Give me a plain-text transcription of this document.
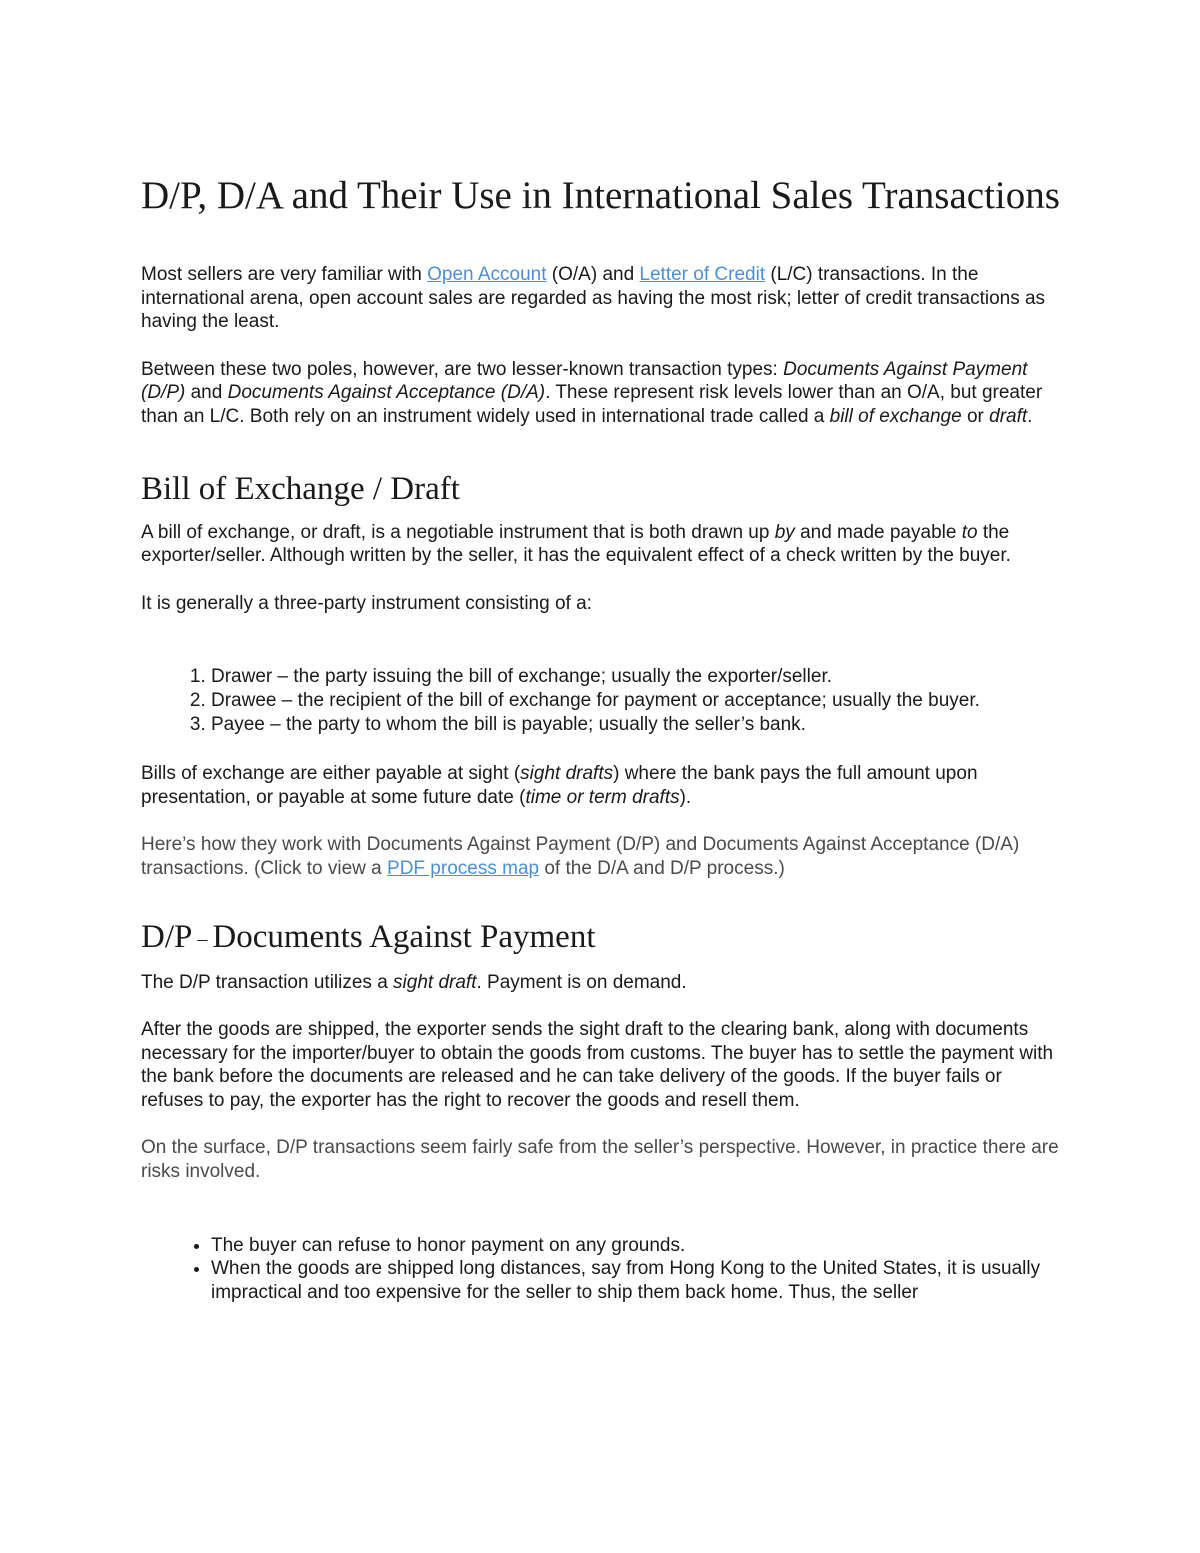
D/P, D/A and Their Use in International Sales Transactions

Most sellers are very familiar with Open Account (O/A) and Letter of Credit (L/C) transactions. In the international arena, open account sales are regarded as having the most risk; letter of credit transactions as having the least.

Between these two poles, however, are two lesser-known transaction types: Documents Against Payment (D/P) and Documents Against Acceptance (D/A). These represent risk levels lower than an O/A, but greater than an L/C. Both rely on an instrument widely used in international trade called a bill of exchange or draft.

Bill of Exchange / Draft

A bill of exchange, or draft, is a negotiable instrument that is both drawn up by and made payable to the exporter/seller. Although written by the seller, it has the equivalent effect of a check written by the buyer.

It is generally a three-party instrument consisting of a:

1. Drawer – the party issuing the bill of exchange; usually the exporter/seller.
2. Drawee – the recipient of the bill of exchange for payment or acceptance; usually the buyer.
3. Payee – the party to whom the bill is payable; usually the seller’s bank.

Bills of exchange are either payable at sight (sight drafts) where the bank pays the full amount upon presentation, or payable at some future date (time or term drafts).

Here’s how they work with Documents Against Payment (D/P) and Documents Against Acceptance (D/A) transactions. (Click to view a PDF process map of the D/A and D/P process.)

D/P – Documents Against Payment

The D/P transaction utilizes a sight draft. Payment is on demand.

After the goods are shipped, the exporter sends the sight draft to the clearing bank, along with documents necessary for the importer/buyer to obtain the goods from customs. The buyer has to settle the payment with the bank before the documents are released and he can take delivery of the goods. If the buyer fails or refuses to pay, the exporter has the right to recover the goods and resell them.

On the surface, D/P transactions seem fairly safe from the seller’s perspective. However, in practice there are risks involved.

• The buyer can refuse to honor payment on any grounds.
• When the goods are shipped long distances, say from Hong Kong to the United States, it is usually impractical and too expensive for the seller to ship them back home. Thus, the seller
